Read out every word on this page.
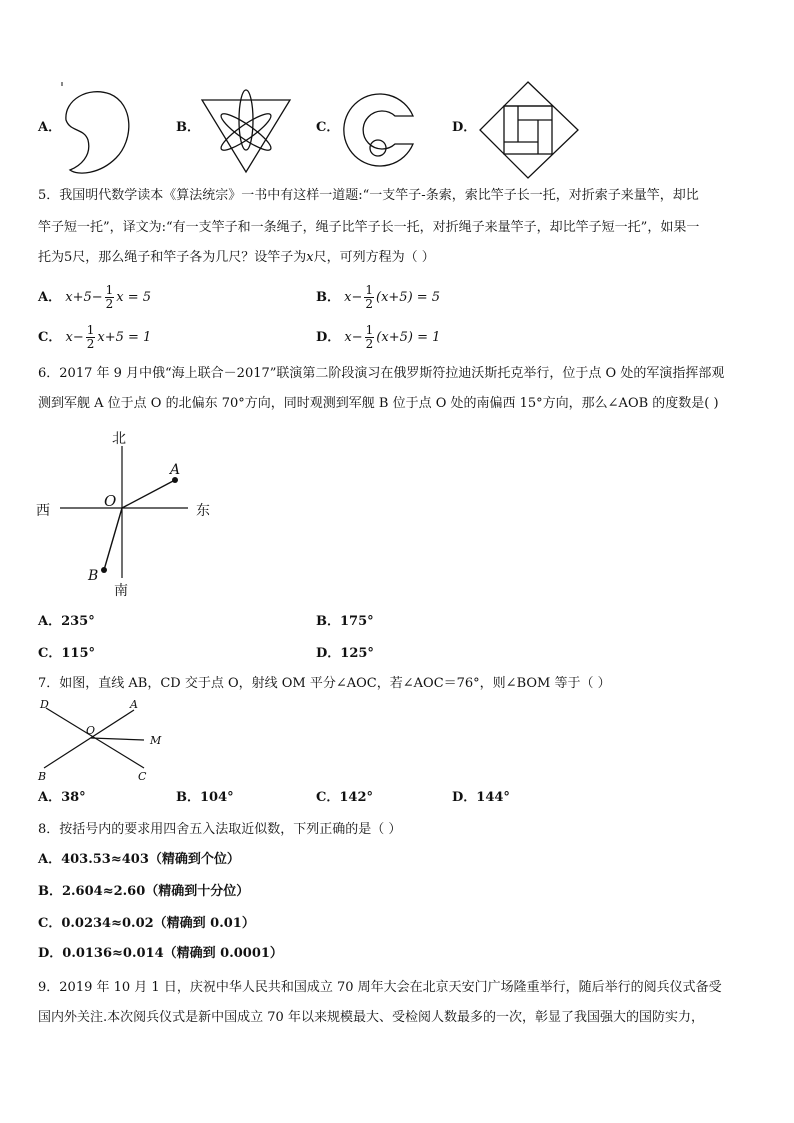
A．	B．	C．	D．
5．我国明代数学读本《算法统宗》一书中有这样一道题:“一支竿子-条索，索比竿子长一托，对折索子来量竿，却比
竿子短一托”，译文为:“有一支竿子和一条绳子，绳子比竿子长一托，对折绳子来量竿子，却比竿子短一托”，如果一
托为5尺，那么绳子和竿子各为几尺？设竿子为x尺，可列方程为（ ）
A． $x+5- \frac{1}{2}$ x = 5	B． $x- \frac{1}{2} (x+5) = 5$
C． $x- \frac{1}{2} x+5 = 1$	D． $x- \frac{1}{2} (x+5) = 1$
6．2017 年 9 月中俄“海上联合－2017”联演第二阶段演习在俄罗斯符拉迪沃斯托克举行，位于点 O 处的军演指挥部观
测到军舰 A 位于点 O 的北偏东 70°方向，同时观测到军舰 B 位于点 O 处的南偏西 15°方向，那么∠AOB 的度数是( )
北
南
东
西
O
A
B
A．235°	B．175°
C．115°	D．125°
7．如图，直线 AB，CD 交于点 O，射线 OM 平分∠AOC，若∠AOC＝76°，则∠BOM 等于（ ）
D	A
O
M
B	C
A．38°	B．104°	C．142°	D．144°
8．按括号内的要求用四舍五入法取近似数，下列正确的是（ ）
A．403.53≈403（精确到个位）
B．2.604≈2.60（精确到十分位）
C．0.0234≈0.02（精确到 0.01）
D．0.0136≈0.014（精确到 0.0001）
9．2019 年 10 月 1 日，庆祝中华人民共和国成立 70 周年大会在北京天安门广场隆重举行，随后举行的阅兵仪式备受
国内外关注.本次阅兵仪式是新中国成立 70 年以来规模最大、受检阅人数最多的一次，彰显了我国强大的国防实力，
